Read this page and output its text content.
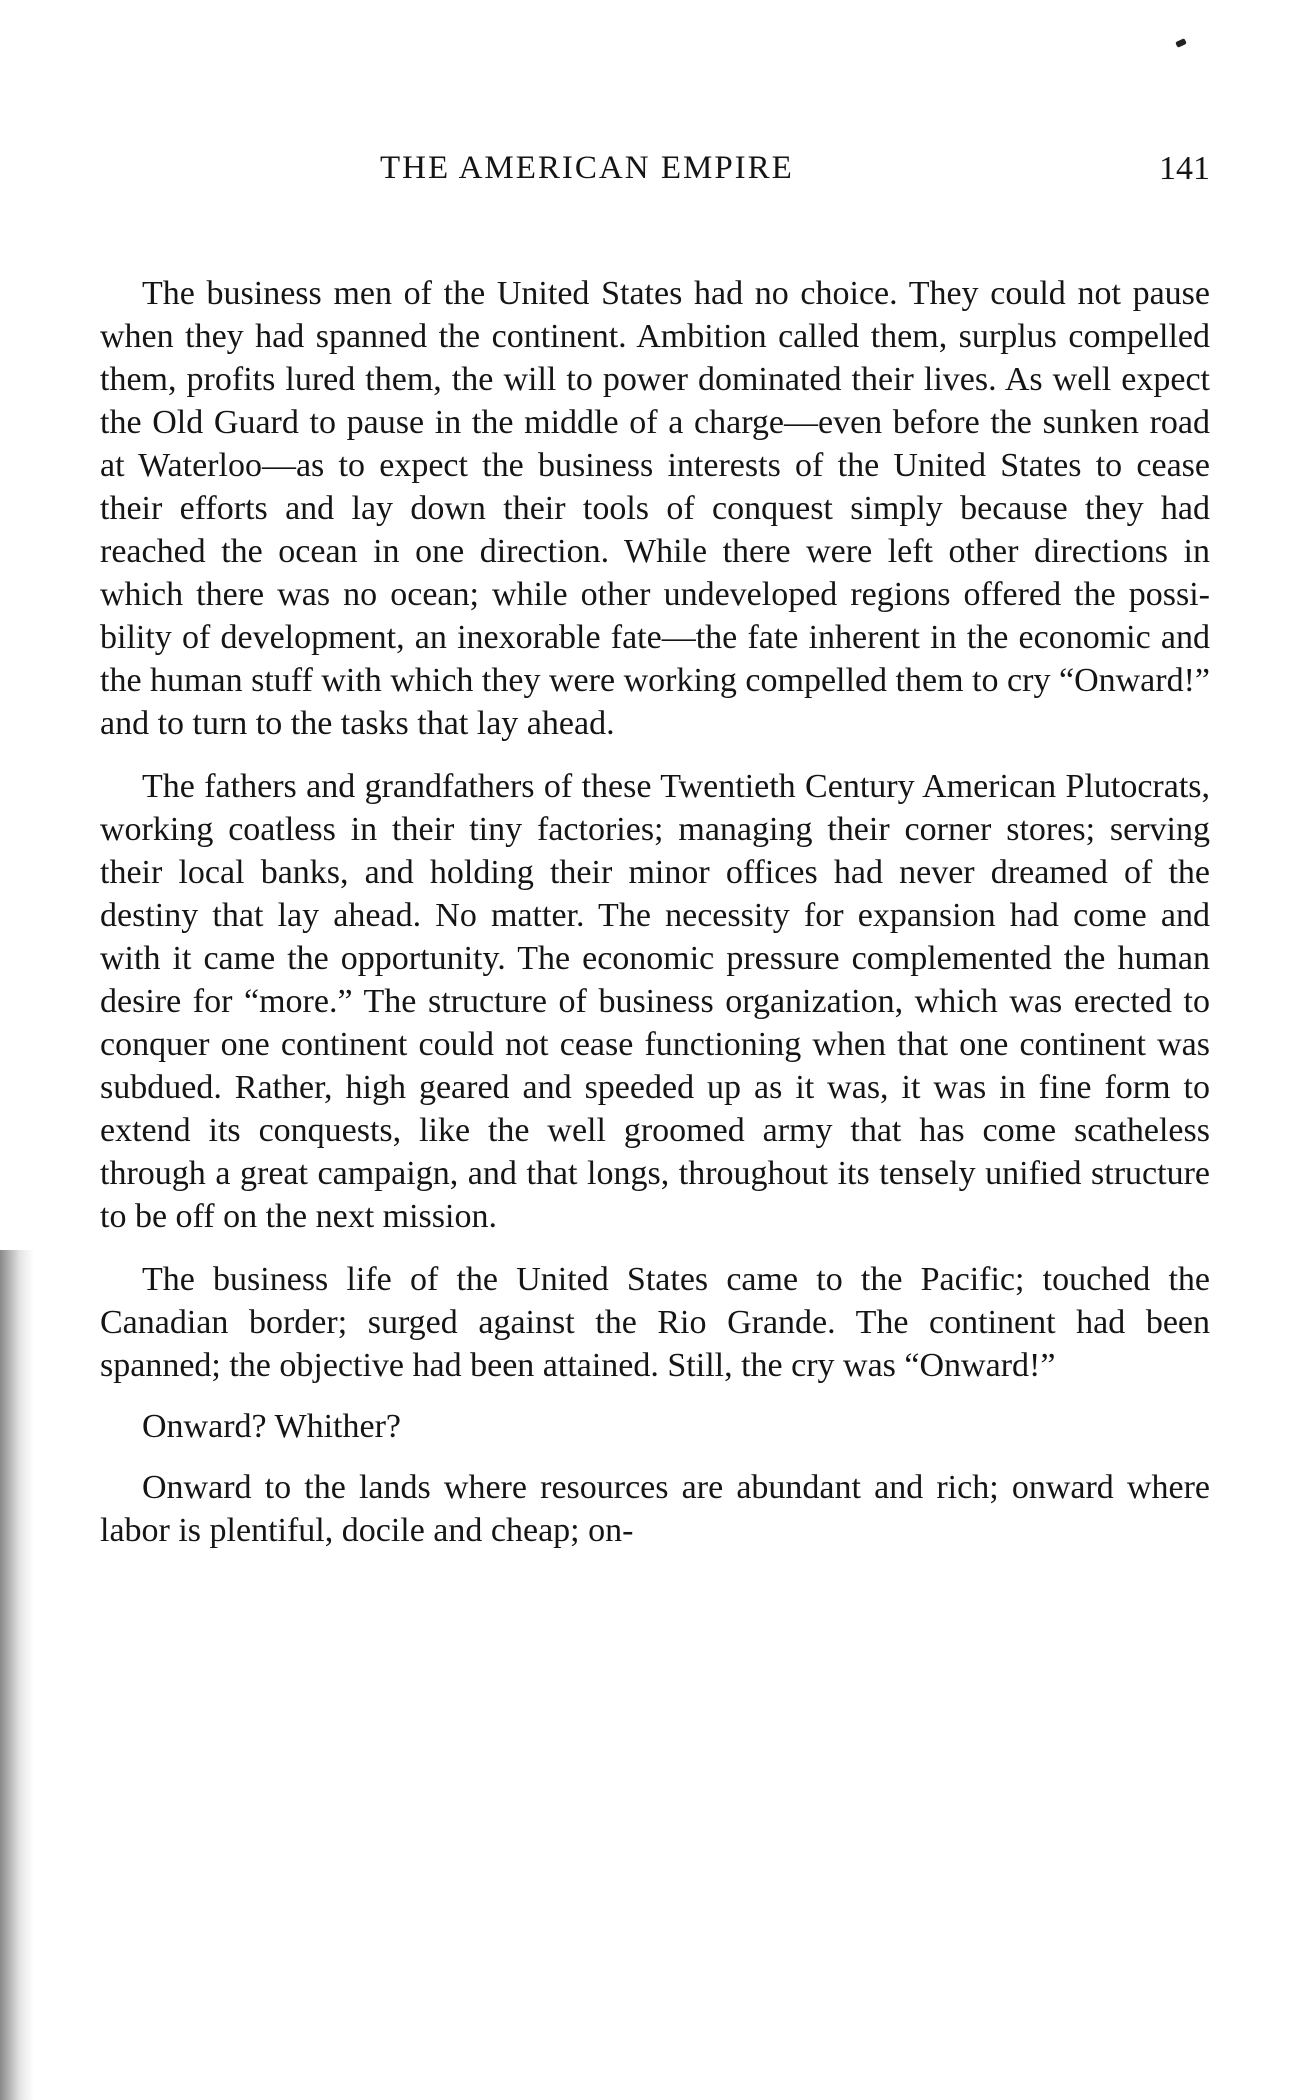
THE AMERICAN EMPIRE	141

The business men of the United States had no choice. They could not pause when they had spanned the continent. Ambition called them, surplus compelled them, profits lured them, the will to power dominated their lives. As well expect the Old Guard to pause in the middle of a charge—even before the sunken road at Waterloo—as to expect the business interests of the United States to cease their efforts and lay down their tools of conquest simply because they had reached the ocean in one direction. While there were left other directions in which there was no ocean; while other undeveloped regions offered the possibility of development, an inexorable fate—the fate inherent in the economic and the human stuff with which they were working compelled them to cry “Onward!” and to turn to the tasks that lay ahead.

The fathers and grandfathers of these Twentieth Century American Plutocrats, working coatless in their tiny factories; managing their corner stores; serving their local banks, and holding their minor offices had never dreamed of the destiny that lay ahead. No matter. The necessity for expansion had come and with it came the opportunity. The economic pressure complemented the human desire for “more.” The structure of business organization, which was erected to conquer one continent could not cease functioning when that one continent was subdued. Rather, high geared and speeded up as it was, it was in fine form to extend its conquests, like the well groomed army that has come scatheless through a great campaign, and that longs, throughout its tensely unified structure to be off on the next mission.

The business life of the United States came to the Pacific; touched the Canadian border; surged against the Rio Grande. The continent had been spanned; the objective had been attained. Still, the cry was “Onward!”

Onward? Whither?

Onward to the lands where resources are abundant and rich; onward where labor is plentiful, docile and cheap; on-
